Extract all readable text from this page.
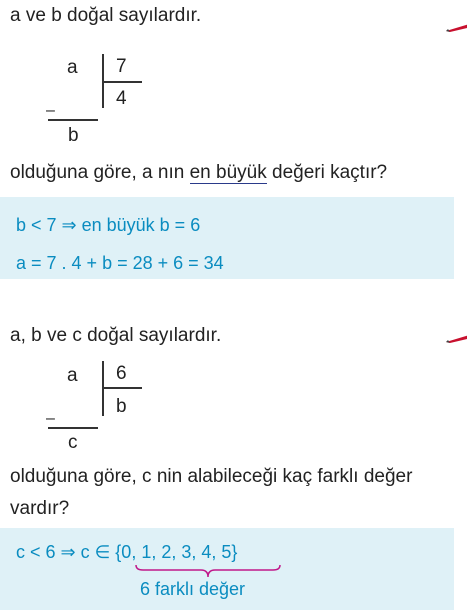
a ve b doğal sayılardır.
a 7
4
–
b
olduğuna göre, a nın en büyük değeri kaçtır?
b < 7 ⇒ en büyük b = 6
a = 7 . 4 + b = 28 + 6 = 34
a, b ve c doğal sayılardır.
a 6
b
–
c
olduğuna göre, c nin alabileceği kaç farklı değer
vardır?
c < 6 ⇒ c ∈ {0, 1, 2, 3, 4, 5}
6 farklı değer
